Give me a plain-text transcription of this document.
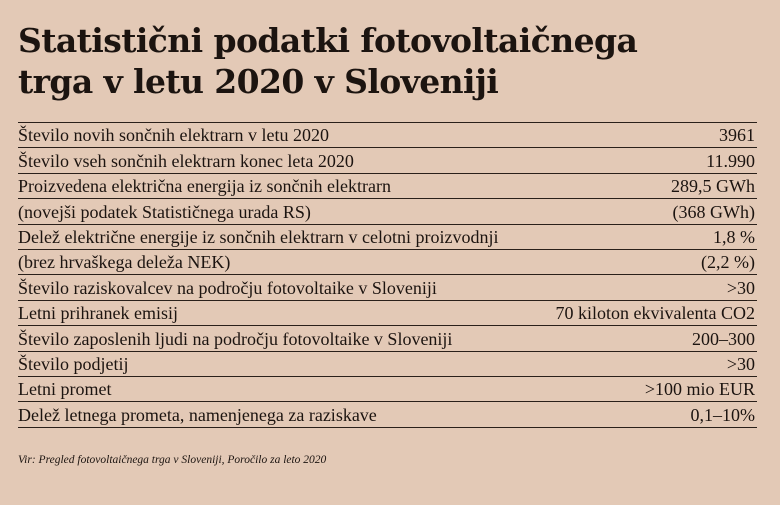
Statistični podatki fotovoltaičnega
trga v letu 2020 v Sloveniji
Število novih sončnih elektrarn v letu 2020	3961
Število vseh sončnih elektrarn konec leta 2020	11.990
Proizvedena električna energija iz sončnih elektrarn	289,5 GWh
(novejši podatek Statističnega urada RS)	(368 GWh)
Delež električne energije iz sončnih elektrarn v celotni proizvodnji	1,8 %
(brez hrvaškega deleža NEK)	(2,2 %)
Število raziskovalcev na področju fotovoltaike v Sloveniji	>30
Letni prihranek emisij	70 kiloton ekvivalenta CO2
Število zaposlenih ljudi na področju fotovoltaike v Sloveniji	200–300
Število podjetij	>30
Letni promet	>100 mio EUR
Delež letnega prometa, namenjenega za raziskave	0,1–10%
Vir: Pregled fotovoltaičnega trga v Sloveniji, Poročilo za leto 2020
